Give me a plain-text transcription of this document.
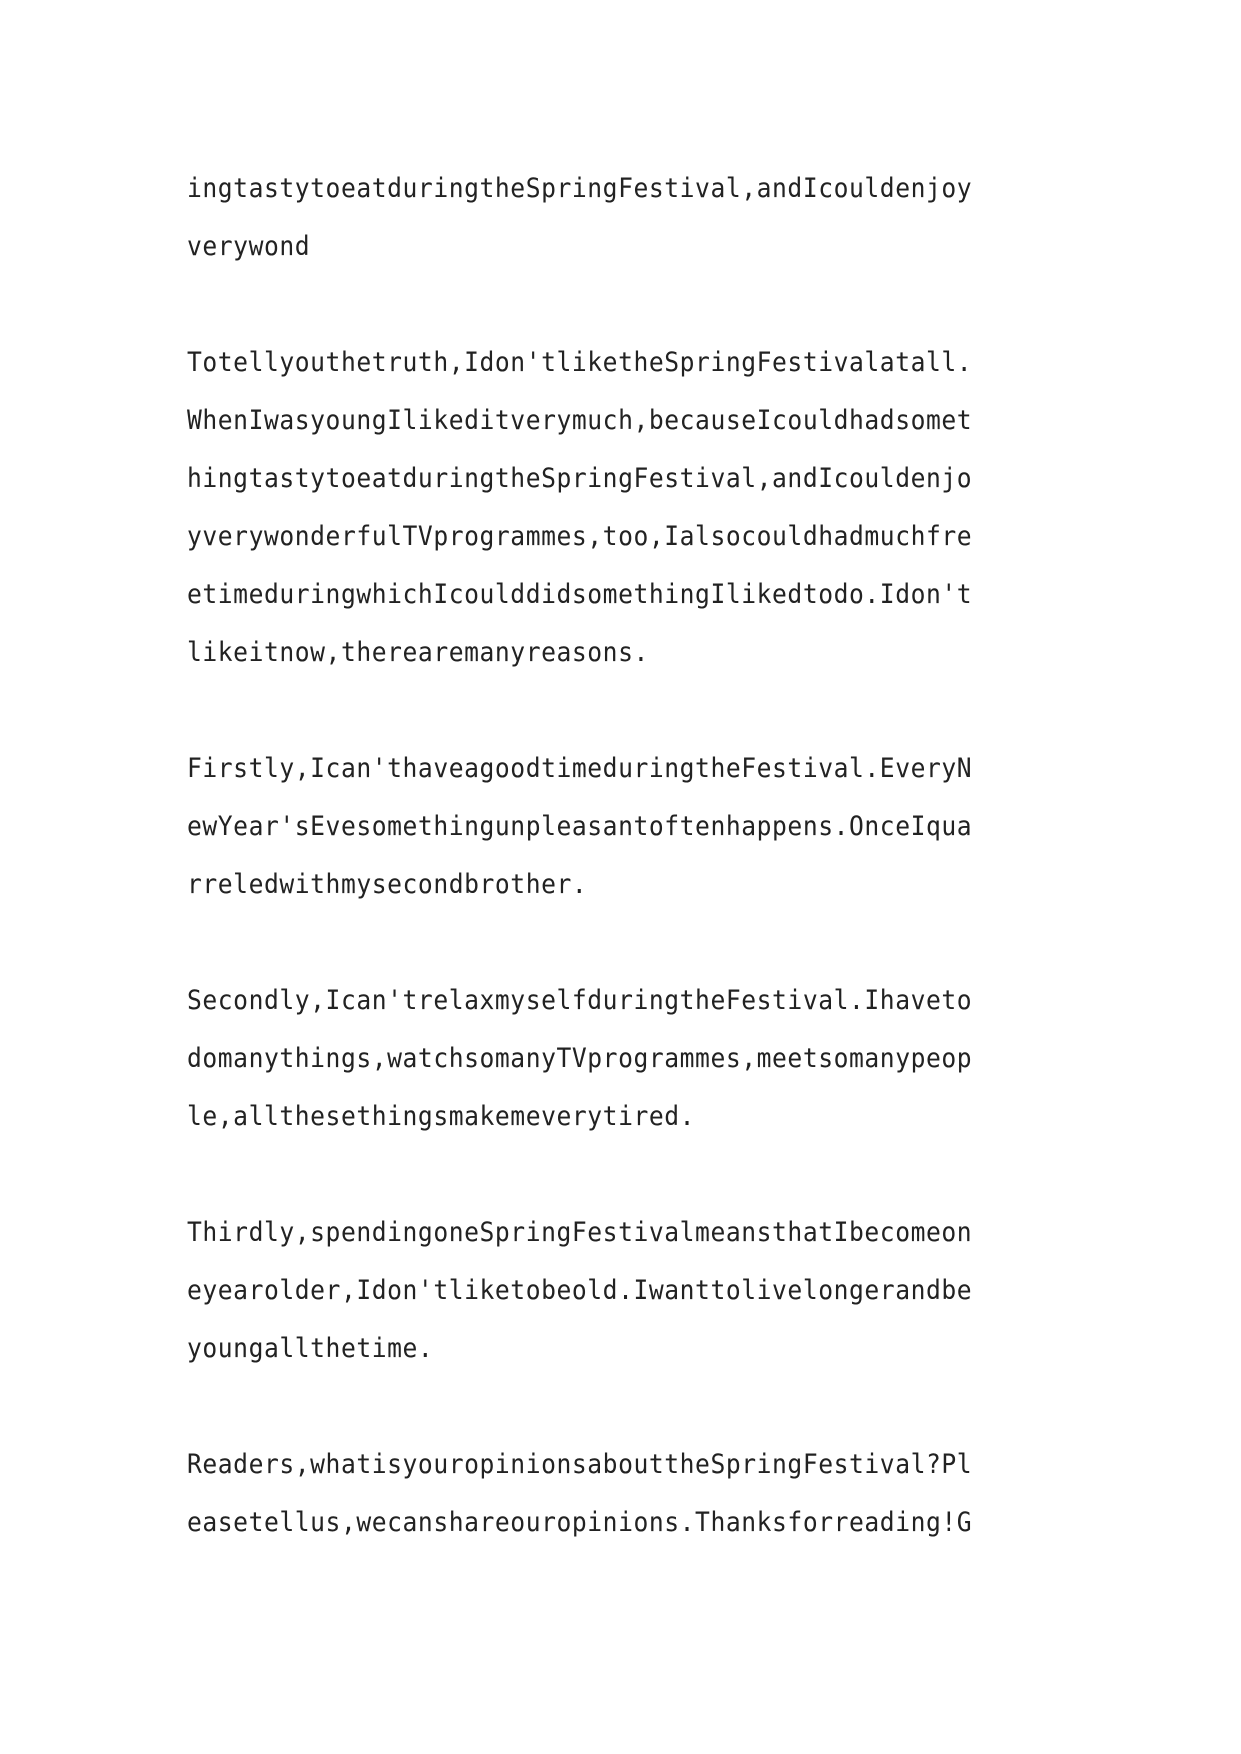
ingtastytoeatduringtheSpringFestival,andIcouldenjoy
verywond

Totellyouthetruth,Idon'tliketheSpringFestivalatall.
WhenIwasyoungIlikeditverymuch,becauseIcouldhadsomet
hingtastytoeatduringtheSpringFestival,andIcouldenjo
yverywonderfulTVprogrammes,too,Ialsocouldhadmuchfre
etimeduringwhichIcoulddidsomethingIlikedtodo.Idon't
likeitnow,therearemanyreasons.

Firstly,Ican'thaveagoodtimeduringtheFestival.EveryN
ewYear'sEvesomethingunpleasantoftenhappens.OnceIqua
rreledwithmysecondbrother.

Secondly,Ican'trelaxmyselfduringtheFestival.Ihaveto
domanythings,watchsomanyTVprogrammes,meetsomanypeop
le,allthesethingsmakemeverytired.

Thirdly,spendingoneSpringFestivalmeansthatIbecomeon
eyearolder,Idon'tliketobeold.Iwanttolivelongerandbe
youngallthetime.

Readers,whatisyouropinionsabouttheSpringFestival?Pl
easetellus,wecanshareouropinions.Thanksforreading!G
